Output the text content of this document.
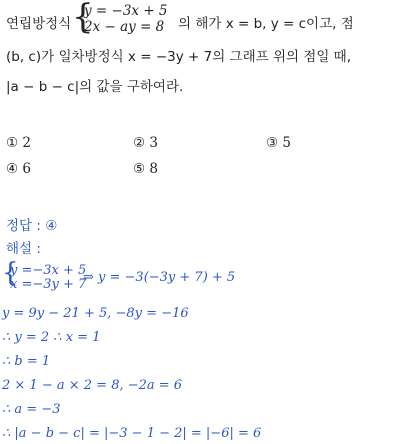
연립방정식 {
y = −3x + 5
2x − ay = 8 의 해가 x = b, y = c이고, 점
(b, c)가 일차방정식 x = −3y + 7의 그래프 위의 점일 때,
|a − b − c|의 값을 구하여라.
① 2	② 3	③ 5
④ 6	⑤ 8
정답 : ④
해설 :
{
y =−3x + 5
x =−3y + 7
⇒ y = −3(−3y + 7) + 5
y = 9y − 21 + 5, −8y = −16
∴ y = 2 ∴ x = 1
∴ b = 1
2 × 1 − a × 2 = 8, −2a = 6
∴ a = −3
∴ |a − b − c| = |−3 − 1 − 2| = |−6| = 6
